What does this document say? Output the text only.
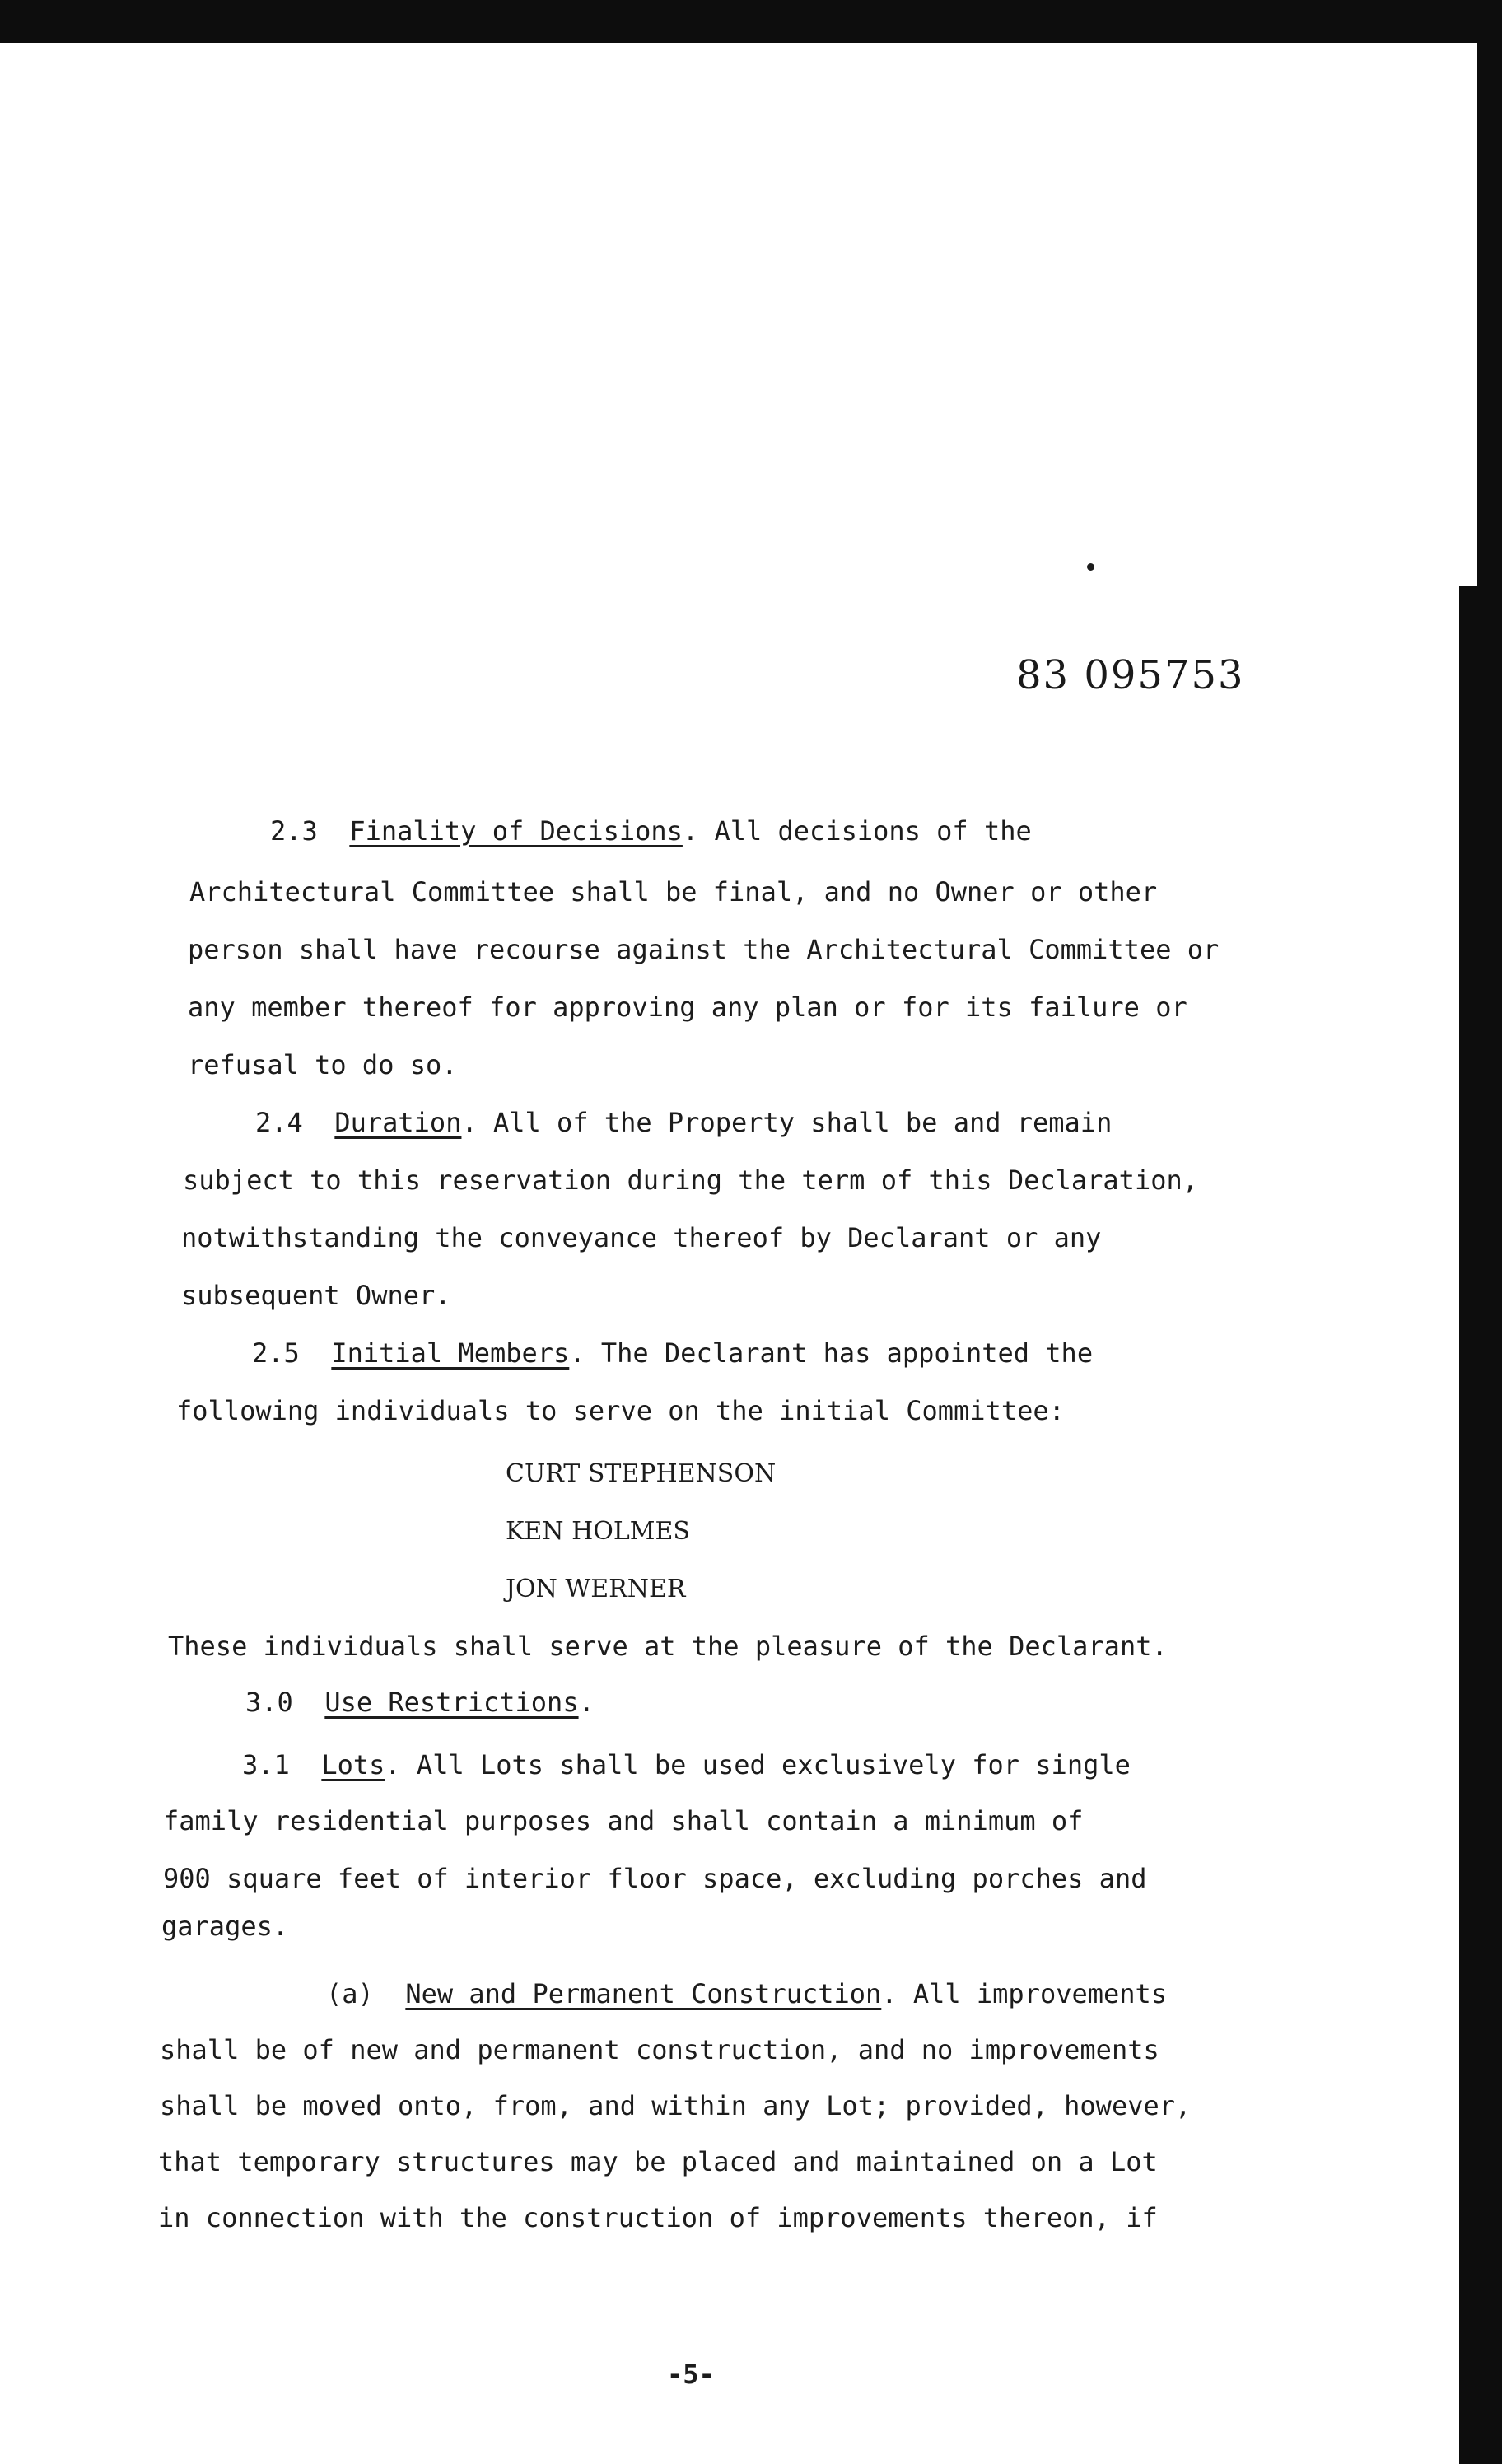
83 095753
2.3 Finality of Decisions. All decisions of the
Architectural Committee shall be final, and no Owner or other
person shall have recourse against the Architectural Committee or
any member thereof for approving any plan or for its failure or
refusal to do so.
2.4 Duration. All of the Property shall be and remain
subject to this reservation during the term of this Declaration,
notwithstanding the conveyance thereof by Declarant or any
subsequent Owner.
2.5 Initial Members. The Declarant has appointed the
following individuals to serve on the initial Committee:
CURT STEPHENSON
KEN HOLMES
JON WERNER
These individuals shall serve at the pleasure of the Declarant.
3.0 Use Restrictions.
3.1 Lots. All Lots shall be used exclusively for single
family residential purposes and shall contain a minimum of
900 square feet of interior floor space, excluding porches and
garages.
(a) New and Permanent Construction. All improvements
shall be of new and permanent construction, and no improvements
shall be moved onto, from, and within any Lot; provided, however,
that temporary structures may be placed and maintained on a Lot
in connection with the construction of improvements thereon, if
-5-
